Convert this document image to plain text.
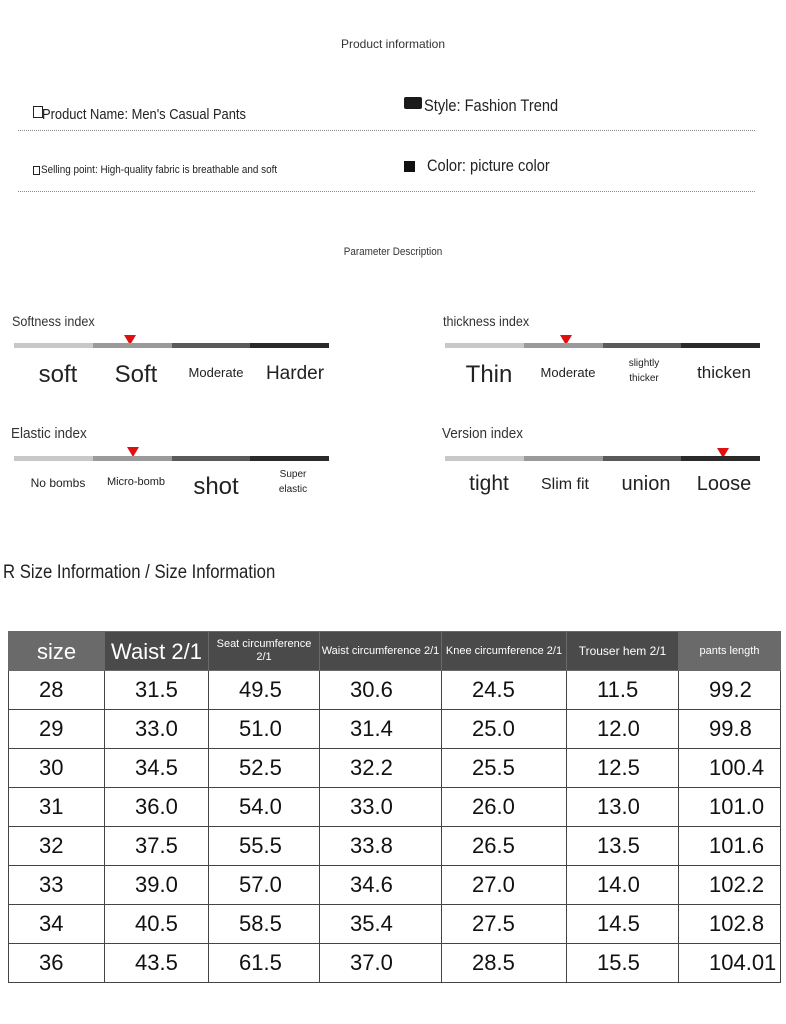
Product information
Product Name: Men's Casual Pants	Style: Fashion Trend
Selling point: High-quality fabric is breathable and soft	Color: picture color
Parameter Description
Softness index
soft	Soft	Moderate	Harder
thickness index
Thin	Moderate
slightly thicker	thicken
Elastic index
No bombs	Micro-bomb	shot	Super elastic
Version index
tight	Slim fit	union	Loose
R Size Information / Size Information
size	Waist 2/1	Seat circumference 2/1	Waist circumference 2/1	Knee circumference 2/1	Trouser hem 2/1	pants length
28	31.5	49.5	30.6	24.5	11.5	99.2
29	33.0	51.0	31.4	25.0	12.0	99.8
30	34.5	52.5	32.2	25.5	12.5	100.4
31	36.0	54.0	33.0	26.0	13.0	101.0
32	37.5	55.5	33.8	26.5	13.5	101.6
33	39.0	57.0	34.6	27.0	14.0	102.2
34	40.5	58.5	35.4	27.5	14.5	102.8
36	43.5	61.5	37.0	28.5	15.5	104.01
